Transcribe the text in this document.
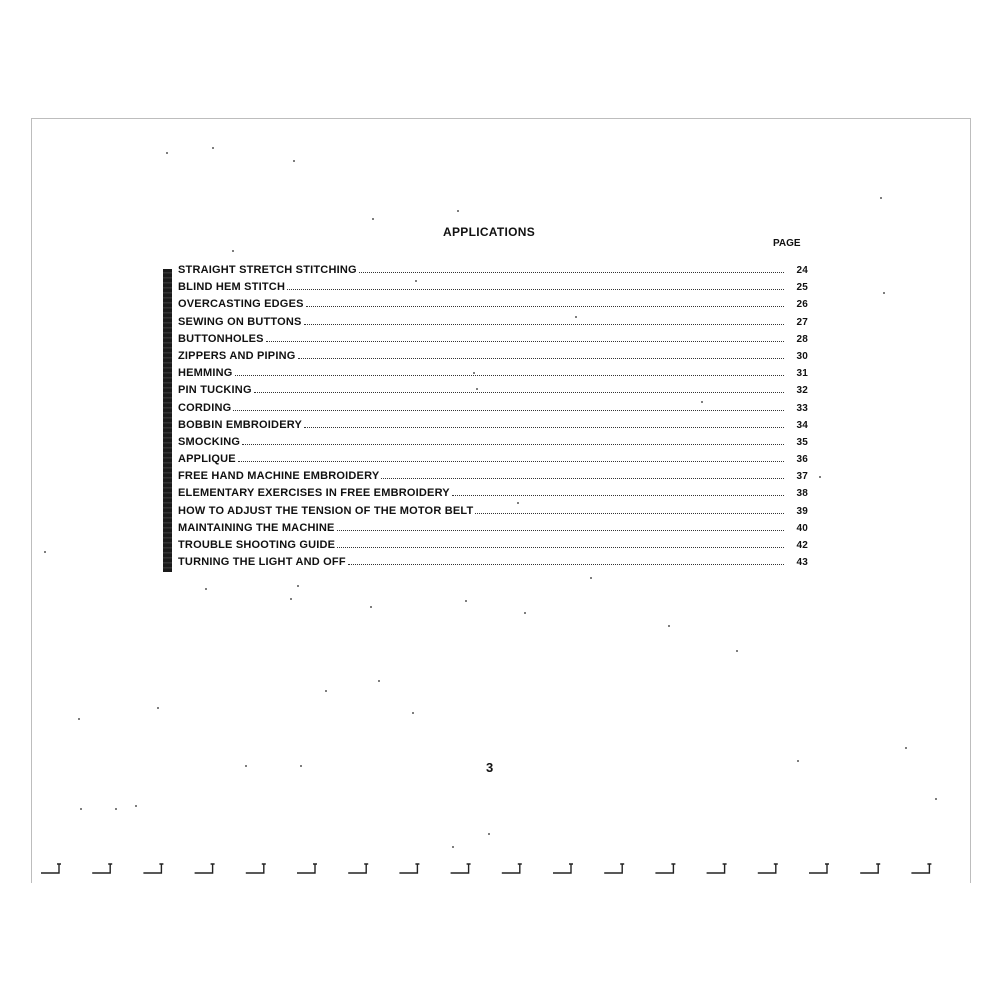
APPLICATIONS
PAGE
STRAIGHT STRETCH STITCHING	24
BLIND HEM STITCH	25
OVERCASTING EDGES	26
SEWING ON BUTTONS	27
BUTTONHOLES	28
ZIPPERS AND PIPING	30
HEMMING	31
PIN TUCKING	32
CORDING	33
BOBBIN EMBROIDERY	34
SMOCKING	35
APPLIQUE	36
FREE HAND MACHINE EMBROIDERY	37
ELEMENTARY EXERCISES IN FREE EMBROIDERY	38
HOW TO ADJUST THE TENSION OF THE MOTOR BELT	39
MAINTAINING THE MACHINE	40
TROUBLE SHOOTING GUIDE	42
TURNING THE LIGHT AND OFF	43
3
